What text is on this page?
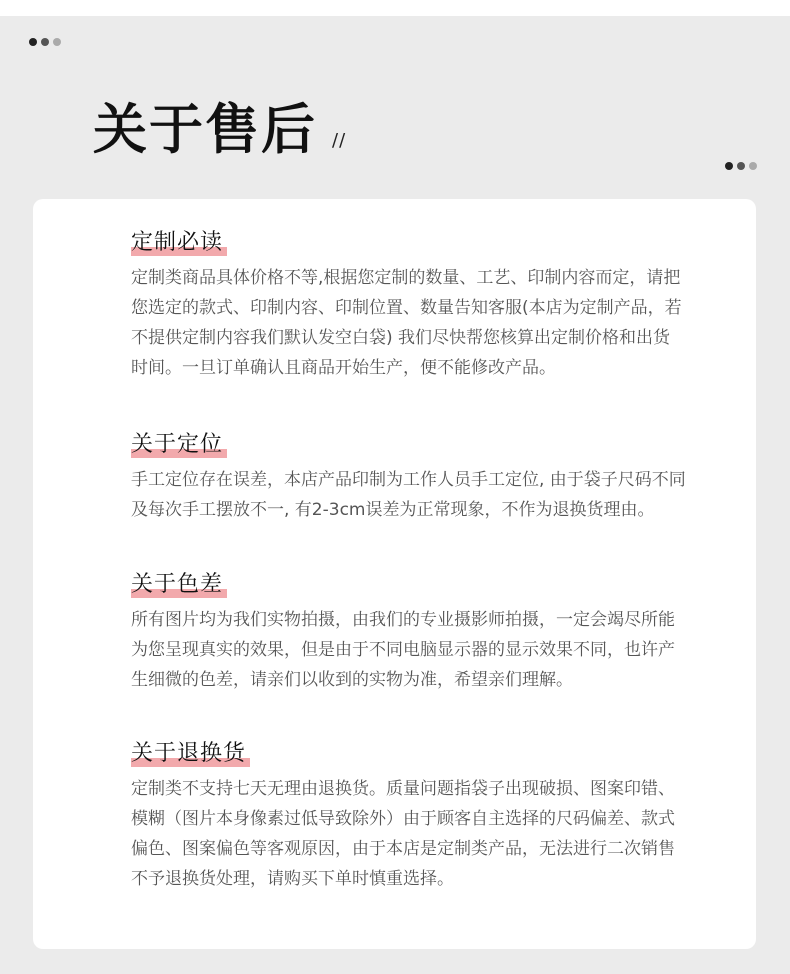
关于售后 //
定制必读
定制类商品具体价格不等,根据您定制的数量、工艺、印制内容而定，请把您选定的款式、印制内容、印制位置、数量告知客服(本店为定制产品，若不提供定制内容我们默认发空白袋) 我们尽快帮您核算出定制价格和出货时间。一旦订单确认且商品开始生产，便不能修改产品。
关于定位
手工定位存在误差，本店产品印制为工作人员手工定位, 由于袋子尺码不同及每次手工摆放不一, 有2-3cm误差为正常现象，不作为退换货理由。
关于色差
所有图片均为我们实物拍摄，由我们的专业摄影师拍摄，一定会竭尽所能为您呈现真实的效果，但是由于不同电脑显示器的显示效果不同，也许产生细微的色差，请亲们以收到的实物为准，希望亲们理解。
关于退换货
定制类不支持七天无理由退换货。质量问题指袋子出现破损、图案印错、模糊（图片本身像素过低导致除外）由于顾客自主选择的尺码偏差、款式偏色、图案偏色等客观原因，由于本店是定制类产品，无法进行二次销售不予退换货处理，请购买下单时慎重选择。
